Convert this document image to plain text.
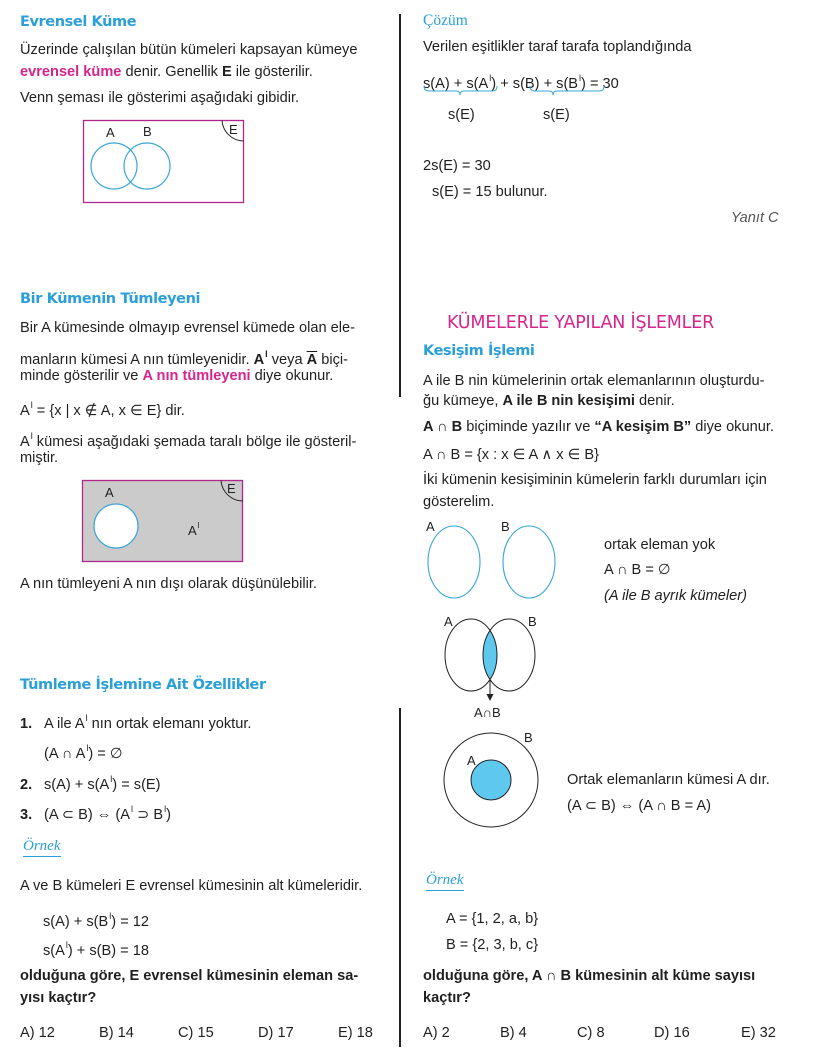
Evrensel Küme
Üzerinde çalışılan bütün kümeleri kapsayan kümeye
evrensel küme denir. Genellik E ile gösterilir.
Venn şeması ile gösterimi aşağıdaki gibidir.
A B	E
Bir Kümenin Tümleyeni
Bir A kümesinde olmayıp evrensel kümede olan ele-
manların kümesi A nın tümleyenidir. $A^l$ veya $\overline{A}$ biçi-
minde gösterilir ve A nın tümleyeni diye okunur.
$A^l = \{x$ | x ∉ A, x ∈ E} dir.
$A^l$ kümesi aşağıdaki şemada taralı bölge ile gösteril-
miştir.
A	E
$A^l$
A nın tümleyeni A nın dışı olarak düşünülebilir.
Tümleme İşlemine Ait Özellikler
1. A ile $A^l$ nın ortak elemanı yoktur.
(A ∩ $A^l$) = ∅
2. $s(A) + s(A^l) = s(E)$
3. (A ⊂ B) ⇔ ($A^l$ ⊃ $B^l$)
Örnek
A ve B kümeleri E evrensel kümesinin alt kümeleridir.
$s(A) + s(B^l) = 12$
$s(A^l) + s(B) = 18$
olduğuna göre, E evrensel kümesinin eleman sa-
yısı kaçtır?
A) 12	B) 14	C) 15	D) 17	E) 18
Çözüm
Verilen eşitlikler taraf tarafa toplandığında
$s(A) + s(A^l) + s(B) + s(B^l) = 30$
s(E)	s(E)
2s(E) = 30
s(E) = 15 bulunur.
Yanıt C
KÜMELERLE YAPILAN İŞLEMLER
Kesişim İşlemi
A ile B nin kümelerinin ortak elemanlarının oluşturdu-
ğu kümeye, A ile B nin kesişimi denir.
A ∩ B biçiminde yazılır ve “A kesişim B” diye okunur.
A ∩ B = {x : x ∈ A ∧ x ∈ B}
İki kümenin kesişiminin kümelerin farklı durumları için
gösterelim.
A	B
ortak eleman yok
A ∩ B = ∅
(A ile B ayrık kümeler)
A	B
A∩B
B
A
Ortak elemanların kümesi A dır.
(A ⊂ B) ⇔ (A ∩ B = A)
Örnek
A = {1, 2, a, b}
B = {2, 3, b, c}
olduğuna göre, A ∩ B kümesinin alt küme sayısı
kaçtır?
A) 2	B) 4	C) 8	D) 16	E) 32
